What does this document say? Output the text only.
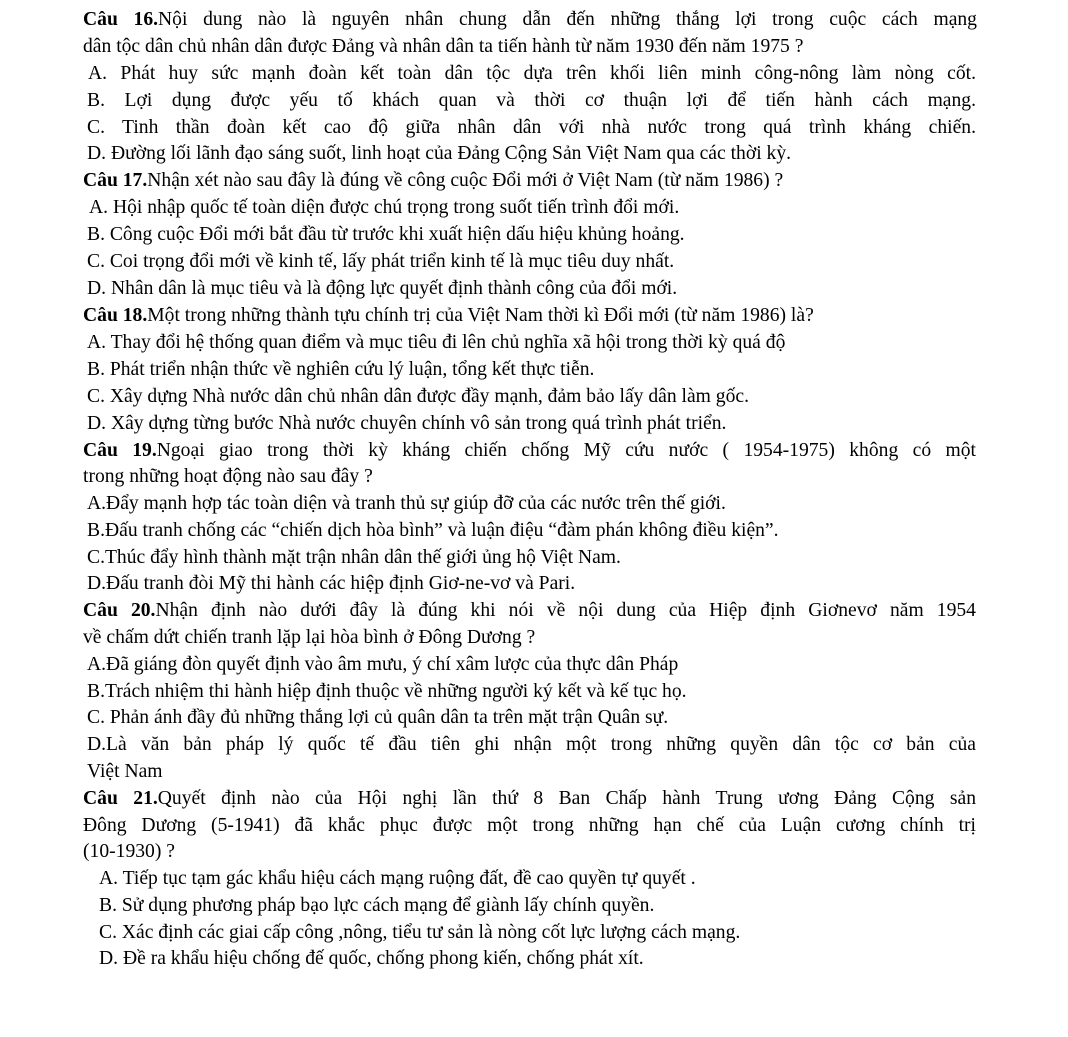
Câu 16.Nội dung nào là nguyên nhân chung dẫn đến những thắng lợi trong cuộc cách mạng
dân tộc dân chủ nhân dân được Đảng và nhân dân ta tiến hành từ năm 1930 đến năm 1975 ?
A. Phát huy sức mạnh đoàn kết toàn dân tộc dựa trên khối liên minh công-nông làm nòng cốt.
B. Lợi dụng được yếu tố khách quan và thời cơ thuận lợi để tiến hành cách mạng.
C. Tinh thần đoàn kết cao độ giữa nhân dân với nhà nước trong quá trình kháng chiến.
D. Đường lối lãnh đạo sáng suốt, linh hoạt của Đảng Cộng Sản Việt Nam qua các thời kỳ.
Câu 17.Nhận xét nào sau đây là đúng về công cuộc Đổi mới ở Việt Nam (từ năm 1986) ?
A. Hội nhập quốc tế toàn diện được chú trọng trong suốt tiến trình đổi mới.
B. Công cuộc Đổi mới bắt đầu từ trước khi xuất hiện dấu hiệu khủng hoảng.
C. Coi trọng đổi mới về kinh tế, lấy phát triển kinh tế là mục tiêu duy nhất.
D. Nhân dân là mục tiêu và là động lực quyết định thành công của đổi mới.
Câu 18.Một trong những thành tựu chính trị của Việt Nam thời kì Đổi mới (từ năm 1986) là?
A. Thay đổi hệ thống quan điểm và mục tiêu đi lên chủ nghĩa xã hội trong thời kỳ quá độ
B. Phát triển nhận thức về nghiên cứu lý luận, tổng kết thực tiễn.
C. Xây dựng Nhà nước dân chủ nhân dân được đầy mạnh, đảm bảo lấy dân làm gốc.
D. Xây dựng từng bước Nhà nước chuyên chính vô sản trong quá trình phát triển.
Câu 19.Ngoại giao trong thời kỳ kháng chiến chống Mỹ cứu nước ( 1954-1975) không có một
trong những hoạt động nào sau đây ?
A.Đẩy mạnh hợp tác toàn diện và tranh thủ sự giúp đỡ của các nước trên thế giới.
B.Đấu tranh chống các “chiến dịch hòa bình” và luận điệu “đàm phán không điều kiện”.
C.Thúc đẩy hình thành mặt trận nhân dân thế giới ủng hộ Việt Nam.
D.Đấu tranh đòi Mỹ thi hành các hiệp định Giơ-ne-vơ và Pari.
Câu 20.Nhận định nào dưới đây là đúng khi nói về nội dung của Hiệp định Giơnevơ năm 1954
về chấm dứt chiến tranh lặp lại hòa bình ở Đông Dương ?
A.Đã giáng đòn quyết định vào âm mưu, ý chí xâm lược của thực dân Pháp
B.Trách nhiệm thi hành hiệp định thuộc về những người ký kết và kế tục họ.
C. Phản ánh đầy đủ những thắng lợi củ quân dân ta trên mặt trận Quân sự.
D.Là văn bản pháp lý quốc tế đầu tiên ghi nhận một trong những quyền dân tộc cơ bản của
Việt Nam
Câu 21.Quyết định nào của Hội nghị lần thứ 8 Ban Chấp hành Trung ương Đảng Cộng sản
Đông Dương (5-1941) đã khắc phục được một trong những hạn chế của Luận cương chính trị
(10-1930) ?
A. Tiếp tục tạm gác khẩu hiệu cách mạng ruộng đất, đề cao quyền tự quyết .
B. Sử dụng phương pháp bạo lực cách mạng để giành lấy chính quyền.
C. Xác định các giai cấp công ,nông, tiểu tư sản là nòng cốt lực lượng cách mạng.
D. Đề ra khẩu hiệu chống đế quốc, chống phong kiến, chống phát xít.
